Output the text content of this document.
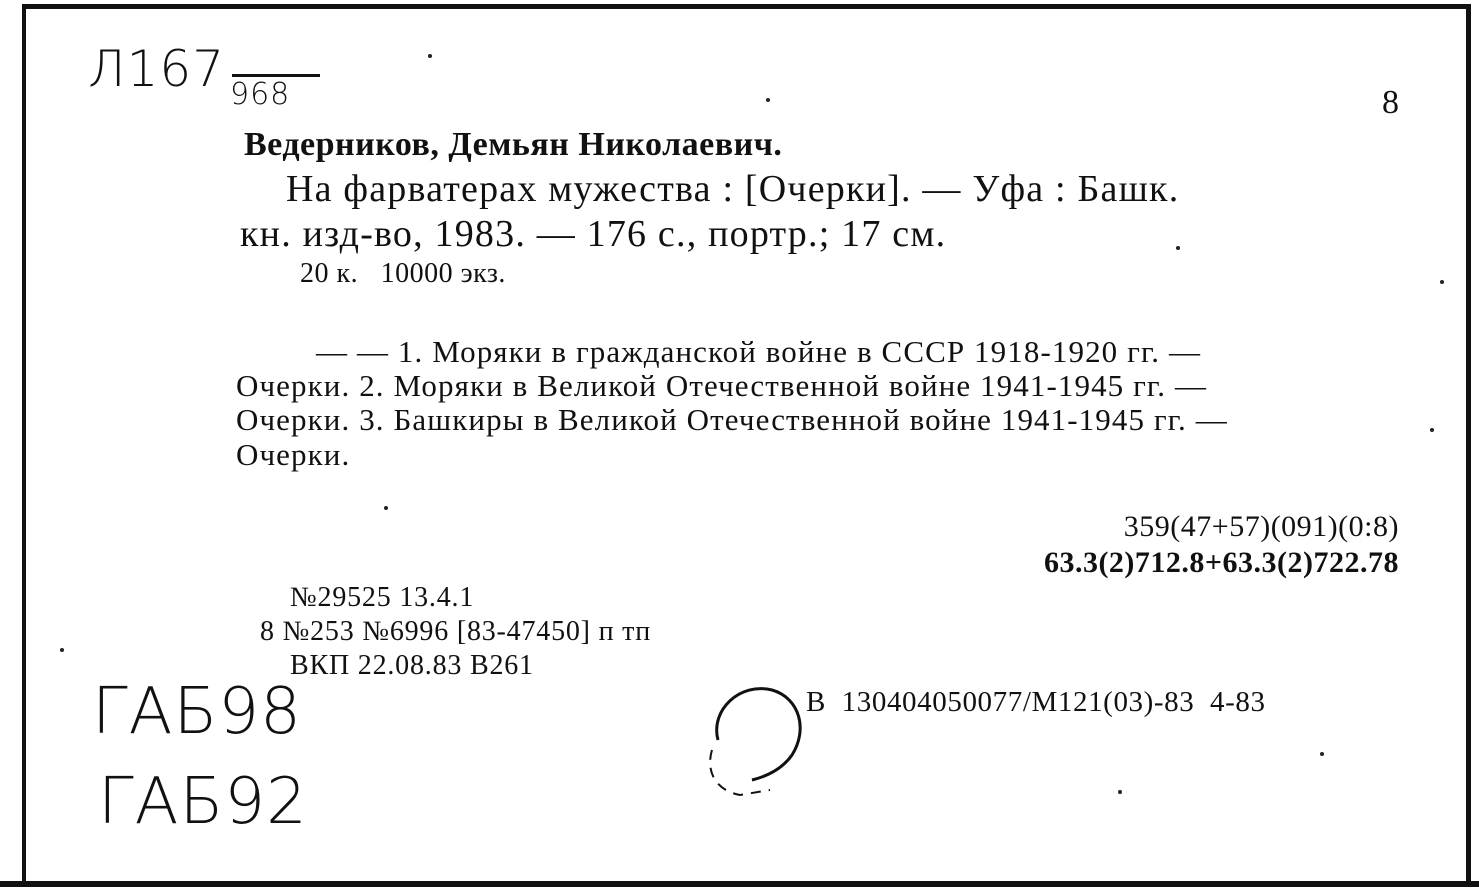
Л167 968	8
Ведерников, Демьян Николаевич.
На фарватерах мужества : [Очерки]. — Уфа : Башк.
кн. изд-во, 1983. — 176 с., портр.; 17 см.
20 к.   10000 экз.
— — 1. Моряки в гражданской войне в СССР 1918-1920 гг. —
Очерки. 2. Моряки в Великой Отечественной войне 1941-1945 гг. —
Очерки. 3. Башкиры в Великой Отечественной войне 1941-1945 гг. —
Очерки.
359(47+57)(091)(0:8)
63.3(2)712.8+63.3(2)722.78
№29525 13.4.1
8 №253 №6996 [83-47450] п тп
ВКП 22.08.83 В261
В  130404050077/М121(03)-83  4-83
ГАБ98
ГАБ92
